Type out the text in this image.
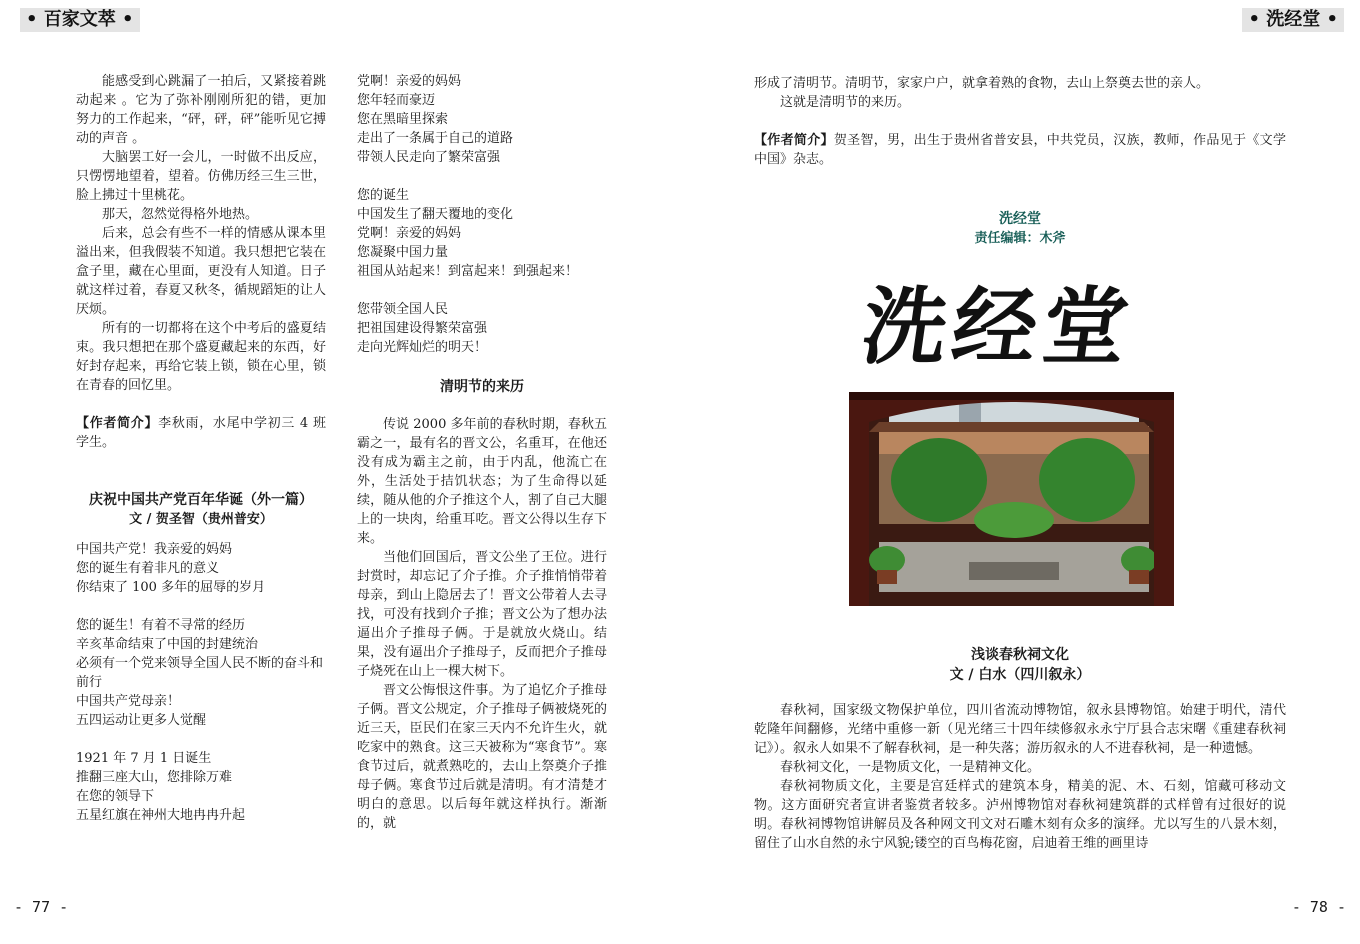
• 百家文萃 •	• 洗经堂 •

能感受到心跳漏了一拍后，又紧接着跳动起来 。它为了弥补刚刚所犯的错，更加努力的工作起来，“砰，砰，砰”能听见它搏动的声音 。

大脑罢工好一会儿，一时做不出反应，只愣愣地望着，望着。仿佛历经三生三世，脸上拂过十里桃花。

那天，忽然觉得格外地热。

后来，总会有些不一样的情感从课本里溢出来，但我假装不知道。我只想把它装在盒子里，藏在心里面，更没有人知道。日子就这样过着，春夏又秋冬，循规蹈矩的让人厌烦。

所有的一切都将在这个中考后的盛夏结束。我只想把在那个盛夏藏起来的东西，好好封存起来，再给它装上锁，锁在心里，锁在青春的回忆里。

【作者简介】李秋雨，水尾中学初三 4 班学生。

庆祝中国共产党百年华诞（外一篇）

文 / 贺圣智（贵州普安）

中国共产党！我亲爱的妈妈

您的诞生有着非凡的意义

你结束了 100 多年的屈辱的岁月

您的诞生！有着不寻常的经历

辛亥革命结束了中国的封建统治

必须有一个党来领导全国人民不断的奋斗和前行

中国共产党母亲！

五四运动让更多人觉醒

1921 年 7 月 1 日诞生

推翻三座大山，您排除万难

在您的领导下

五星红旗在神州大地冉冉升起

党啊！亲爱的妈妈

您年轻而豪迈

您在黑暗里探索

走出了一条属于自己的道路

带领人民走向了繁荣富强

您的诞生

中国发生了翻天覆地的变化

党啊！亲爱的妈妈

您凝聚中国力量

祖国从站起来！到富起来！到强起来！

您带领全国人民

把祖国建设得繁荣富强

走向光辉灿烂的明天！

清明节的来历

传说 2000 多年前的春秋时期，春秋五霸之一，最有名的晋文公，名重耳，在他还没有成为霸主之前，由于内乱，他流亡在外，生活处于拮饥状态；为了生命得以延续，随从他的介子推这个人，割了自己大腿上的一块肉，给重耳吃。晋文公得以生存下来。

当他们回国后，晋文公坐了王位。进行封赏时，却忘记了介子推。介子推悄悄带着母亲，到山上隐居去了！晋文公带着人去寻找，可没有找到介子推；晋文公为了想办法逼出介子推母子俩。于是就放火烧山。结果，没有逼出介子推母子，反而把介子推母子烧死在山上一棵大树下。

晋文公悔恨这件事。为了追忆介子推母子俩。晋文公规定，介子推母子俩被烧死的近三天，臣民们在家三天内不允许生火，就吃家中的熟食。这三天被称为“寒食节”。寒食节过后，就煮熟吃的，去山上祭奠介子推母子俩。寒食节过后就是清明。有才清楚才明白的意思。以后每年就这样执行。渐渐的，就

形成了清明节。清明节，家家户户，就拿着熟的食物，去山上祭奠去世的亲人。

这就是清明节的来历。

【作者简介】贺圣智，男，出生于贵州省普安县，中共党员，汉族，教师，作品见于《文学中国》杂志。

洗经堂

责任编辑：木斧

浅谈春秋祠文化

文 / 白水（四川叙永）

春秋祠，国家级文物保护单位，四川省流动博物馆，叙永县博物馆。始建于明代，清代乾隆年间翻修，光绪中重修一新（见光绪三十四年续修叙永永宁厅县合志宋曙《重建春秋祠记》）。叙永人如果不了解春秋祠，是一种失落；游历叙永的人不进春秋祠，是一种遗憾。

春秋祠文化，一是物质文化，一是精神文化。

春秋祠物质文化，主要是宫廷样式的建筑本身，精美的泥、木、石刻，馆藏可移动文物。这方面研究者宣讲者鉴赏者较多。泸州博物馆对春秋祠建筑群的式样曾有过很好的说明。春秋祠博物馆讲解员及各种网文刊文对石雕木刻有众多的演绎。尤以写生的八景木刻，留住了山水自然的永宁风貌;镂空的百鸟梅花窗，启迪着王维的画里诗

洗经堂
- 77 -	- 78 -
